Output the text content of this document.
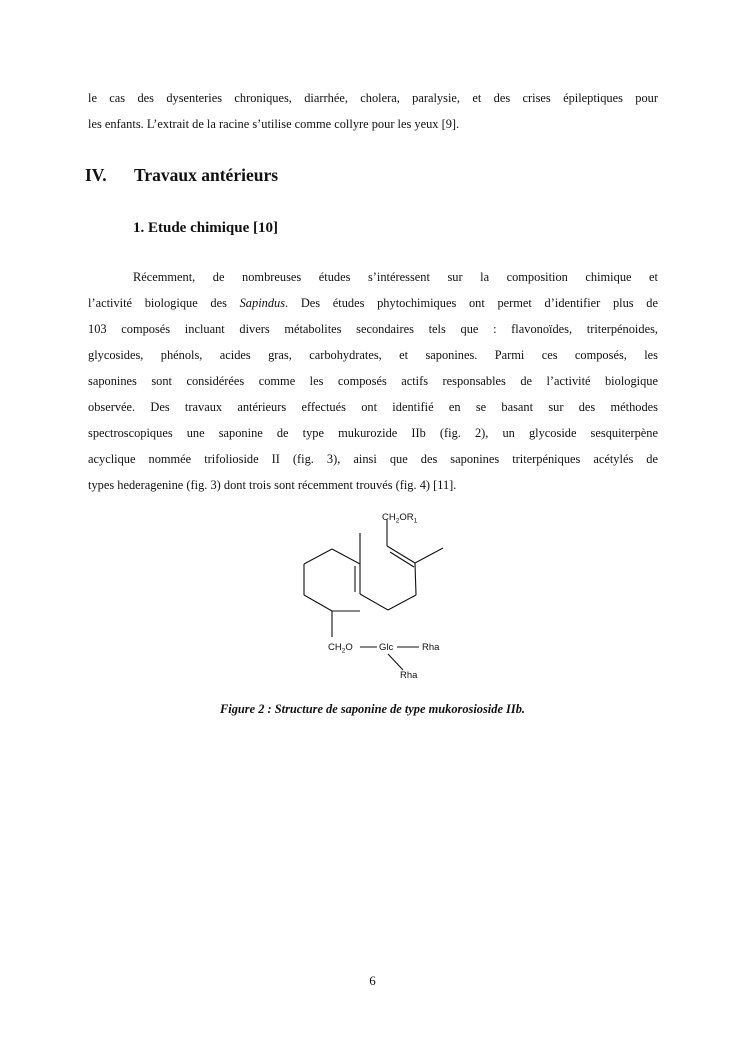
le cas des dysenteries chroniques, diarrhée, cholera, paralysie, et des crises épileptiques pour
les enfants. L’extrait de la racine s’utilise comme collyre pour les yeux [9].
IV. Travaux antérieurs
1. Etude chimique [10]
Récemment, de nombreuses études s’intéressent sur la composition chimique et
l’activité biologique des Sapindus. Des études phytochimiques ont permet d’identifier plus de
103 composés incluant divers métabolites secondaires tels que : flavonoïdes, triterpénoides,
glycosides, phénols, acides gras, carbohydrates, et saponines. Parmi ces composés, les
saponines sont considérées comme les composés actifs responsables de l’activité biologique
observée. Des travaux antérieurs effectués ont identifié en se basant sur des méthodes
spectroscopiques une saponine de type mukurozide IIb (fig. 2), un glycoside sesquiterpène
acyclique nommée trifolioside II (fig. 3), ainsi que des saponines triterpéniques acétylés de
types hederagenine (fig. 3) dont trois sont récemment trouvés (fig. 4) [11].
$CH_2OR_1$
$CH_2O$	Glc	Rha
Rha
Figure 2 : Structure de saponine de type mukorosioside IIb.
6
